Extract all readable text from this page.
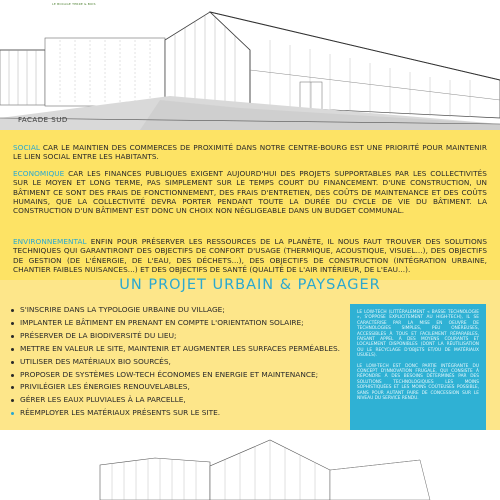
LE BOCAGE TERRE & BOIS
FACADE SUD
SOCIAL CAR LE MAINTIEN DES COMMERCES DE PROXIMITÉ DANS NOTRE CENTRE-BOURG EST UNE PRIORITÉ POUR MAINTENIR LE LIEN SOCIAL ENTRE LES HABITANTS.
ECONOMIQUE CAR LES FINANCES PUBLIQUES EXIGENT AUJOURD'HUI DES PROJETS SUPPORTABLES PAR LES COLLECTIVITÉS SUR LE MOYEN ET LONG TERME, PAS SIMPLEMENT SUR LE TEMPS COURT DU FINANCEMENT. D'UNE CONSTRUCTION, UN BÂTIMENT CE SONT DES FRAIS DE FONCTIONNEMENT, DES FRAIS D'ENTRETIEN, DES COÛTS DE MAINTENANCE ET DES COÛTS HUMAINS, QUE LA COLLECTIVITÉ DEVRA PORTER PENDANT TOUTE LA DURÉE DU CYCLE DE VIE DU BÂTIMENT. LA CONSTRUCTION D'UN BÂTIMENT EST DONC UN CHOIX NON NÉGLIGEABLE DANS UN BUDGET COMMUNAL.
ENVIRONNEMENTAL ENFIN POUR PRÉSERVER LES RESSOURCES DE LA PLANÈTE, IL NOUS FAUT TROUVER DES SOLUTIONS TECHNIQUES QUI GARANTIRONT DES OBJECTIFS DE CONFORT D'USAGE (THERMIQUE, ACOUSTIQUE, VISUEL...), DES OBJECTIFS DE GESTION (DE L'ÉNERGIE, DE L'EAU, DES DÉCHETS...), DES OBJECTIFS DE CONSTRUCTION (INTÉGRATION URBAINE, CHANTIER FAIBLES NUISANCES...) ET DES OBJECTIFS DE SANTÉ (QUALITÉ DE L'AIR INTÉRIEUR, DE L'EAU...).
UN PROJET URBAIN & PAYSAGER
S'INSCRIRE DANS LA TYPOLOGIE URBAINE DU VILLAGE;
IMPLANTER LE BÂTIMENT EN PRENANT EN COMPTE L'ORIENTATION SOLAIRE;
PRÉSERVER DE LA BIODIVERSITÉ DU LIEU;
METTRE EN VALEUR LE SITE, MAINTENIR ET AUGMENTER LES SURFACES PERMÉABLES.
UTILISER DES MATÉRIAUX BIO SOURCÉS,
PROPOSER DE SYSTÈMES LOW-TECH ÉCONOMES EN ENERGIE ET MAINTENANCE;
PRIVILÉGIER LES ÉNERGIES RENOUVELABLES,
GÉRER LES EAUX PLUVIALES À LA PARCELLE,
RÉEMPLOYER LES MATÉRIAUX PRÉSENTS SUR LE SITE.

LE LOW-TECH (LITTÉRALEMENT « BASSE TECHNOLOGIE », S'OPPOSE EXPLICITEMENT AU HIGH-TECH), IL SE CARACTÉRISE PAR LA MISE EN OEUVRE DE TECHNOLOGIES SIMPLES, PEU ONÉREUSES, ACCESSIBLES À TOUS ET FACILEMENT RÉPARABLES, FAISANT APPEL À DES MOYENS COURANTS ET LOCALEMENT DISPONIBLES (DONT LA RÉUTILISATION OU LE RECYCLAGE D'OBJETS ET/OU DE MATÉRIAUX USUELS).

LE LOW-TECH EST DONC PARTIE INTÉGRANTE DU CONCEPT D'INNOVATION FRUGALE, QUI CONSISTE À RÉPONDRE À DES BESOINS DÉTERMINÉS PAR DES SOLUTIONS TECHNOLOGIQUES LES MOINS SOPHISTIQUÉES ET LES MOINS COÛTEUSES POSSIBLE, SANS POUR AUTANT FAIRE DE CONCESSION SUR LE NIVEAU DU SERVICE RENDU.
